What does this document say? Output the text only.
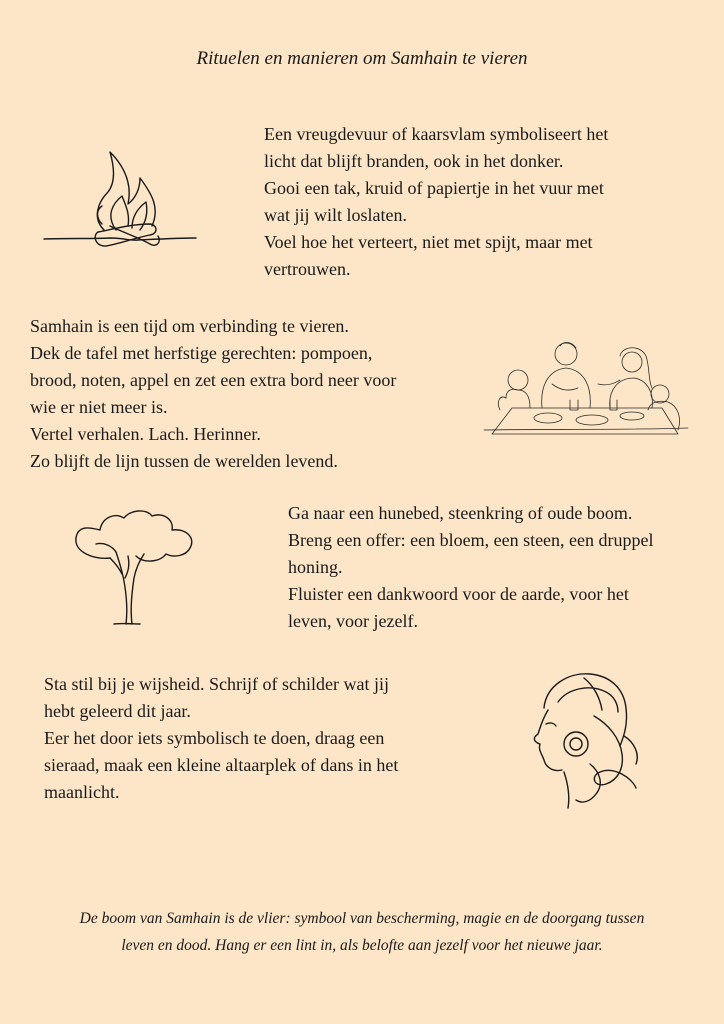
Rituelen en manieren om Samhain te vieren

Een vreugdevuur of kaarsvlam symboliseert het

licht dat blijft branden, ook in het donker.

Gooi een tak, kruid of papiertje in het vuur met

wat jij wilt loslaten.

Voel hoe het verteert, niet met spijt, maar met

vertrouwen.

Samhain is een tijd om verbinding te vieren.

Dek de tafel met herfstige gerechten: pompoen,

brood, noten, appel en zet een extra bord neer voor

wie er niet meer is.

Vertel verhalen. Lach. Herinner.

Zo blijft de lijn tussen de werelden levend.

Ga naar een hunebed, steenkring of oude boom.

Breng een offer: een bloem, een steen, een druppel

honing.

Fluister een dankwoord voor de aarde, voor het

leven, voor jezelf.

Sta stil bij je wijsheid. Schrijf of schilder wat jij

hebt geleerd dit jaar.

Eer het door iets symbolisch te doen, draag een

sieraad, maak een kleine altaarplek of dans in het

maanlicht.

De boom van Samhain is de vlier: symbool van bescherming, magie en de doorgang tussen
leven en dood. Hang er een lint in, als belofte aan jezelf voor het nieuwe jaar.
